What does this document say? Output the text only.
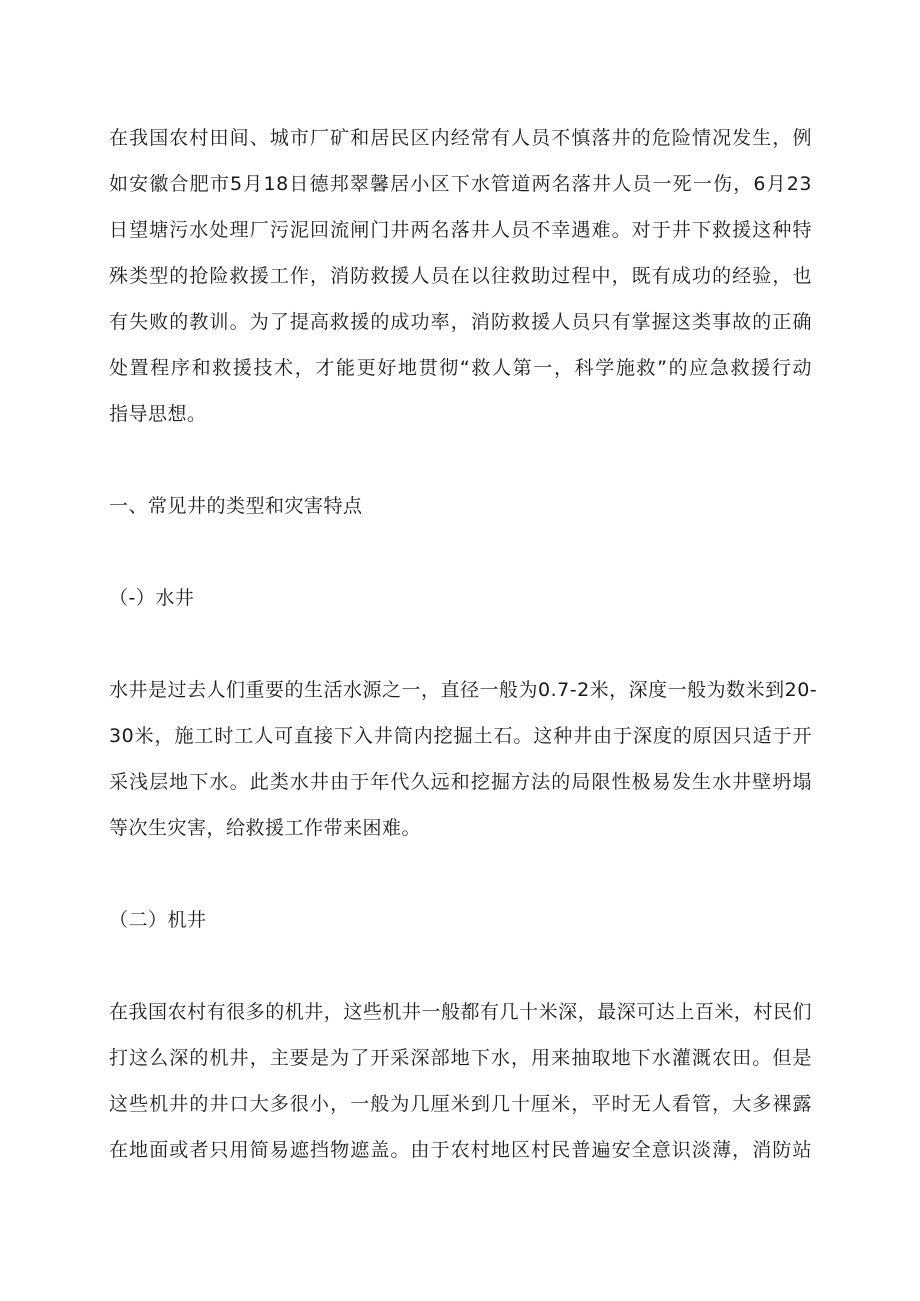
在我国农村田间、城市厂矿和居民区内经常有人员不慎落井的危险情况发生，例

如安徽合肥市5月18日德邦翠馨居小区下水管道两名落井人员一死一伤，6月23

日望塘污水处理厂污泥回流闸门井两名落井人员不幸遇难。对于井下救援这种特

殊类型的抢险救援工作，消防救援人员在以往救助过程中，既有成功的经验，也

有失败的教训。为了提高救援的成功率，消防救援人员只有掌握这类事故的正确

处置程序和救援技术，才能更好地贯彻“救人第一，科学施救”的应急救援行动

指导思想。

一、常见井的类型和灾害特点

（-）水井

水井是过去人们重要的生活水源之一，直径一般为0.7-2米，深度一般为数米到20-

30米，施工时工人可直接下入井筒内挖掘土石。这种井由于深度的原因只适于开

采浅层地下水。此类水井由于年代久远和挖掘方法的局限性极易发生水井壁坍塌

等次生灾害，给救援工作带来困难。

（二）机井

在我国农村有很多的机井，这些机井一般都有几十米深，最深可达上百米，村民们

打这么深的机井，主要是为了开采深部地下水，用来抽取地下水灌溉农田。但是

这些机井的井口大多很小，一般为几厘米到几十厘米，平时无人看管，大多裸露

在地面或者只用简易遮挡物遮盖。由于农村地区村民普遍安全意识淡薄，消防站
